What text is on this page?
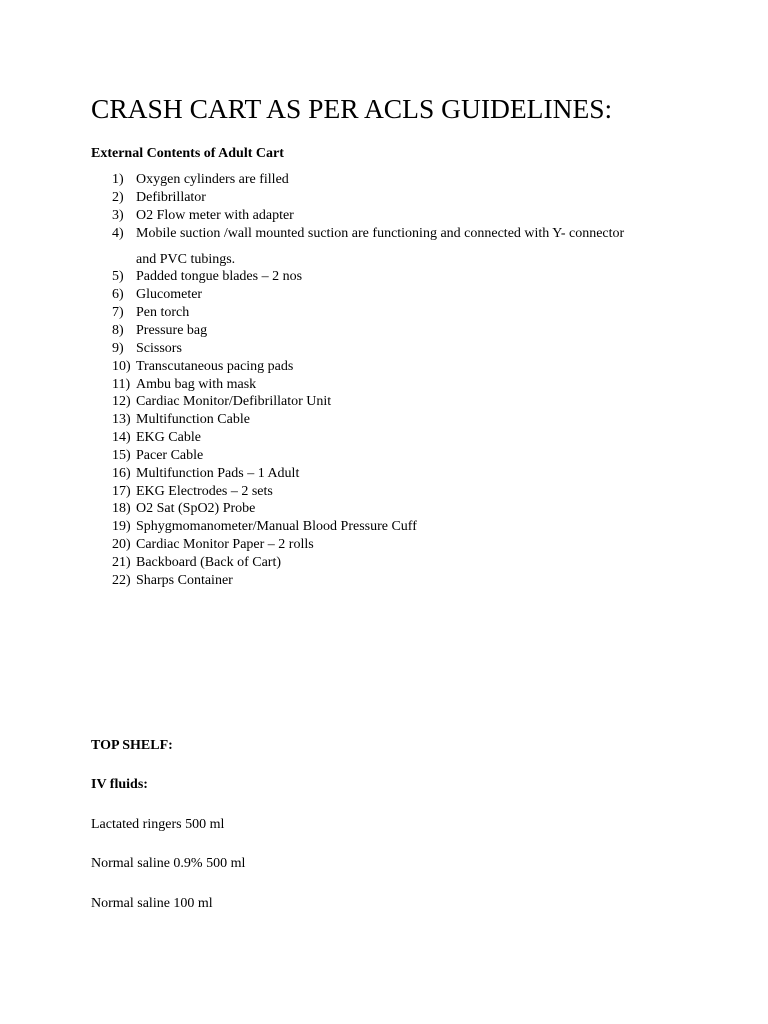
CRASH CART AS PER ACLS GUIDELINES:
External Contents of Adult Cart
1) Oxygen cylinders are filled
2) Defibrillator
3) O2 Flow meter with adapter
4) Mobile suction /wall mounted suction are functioning and connected with Y- connector
and PVC tubings.
5) Padded tongue blades – 2 nos
6) Glucometer
7) Pen torch
8) Pressure bag
9) Scissors
10) Transcutaneous pacing pads
11) Ambu bag with mask
12) Cardiac Monitor/Defibrillator Unit
13) Multifunction Cable
14) EKG Cable
15) Pacer Cable
16) Multifunction Pads – 1 Adult
17) EKG Electrodes – 2 sets
18) O2 Sat (SpO2) Probe
19) Sphygmomanometer/Manual Blood Pressure Cuff
20) Cardiac Monitor Paper – 2 rolls
21) Backboard (Back of Cart)
22) Sharps Container
TOP SHELF:
IV fluids:
Lactated ringers 500 ml
Normal saline 0.9% 500 ml
Normal saline 100 ml
